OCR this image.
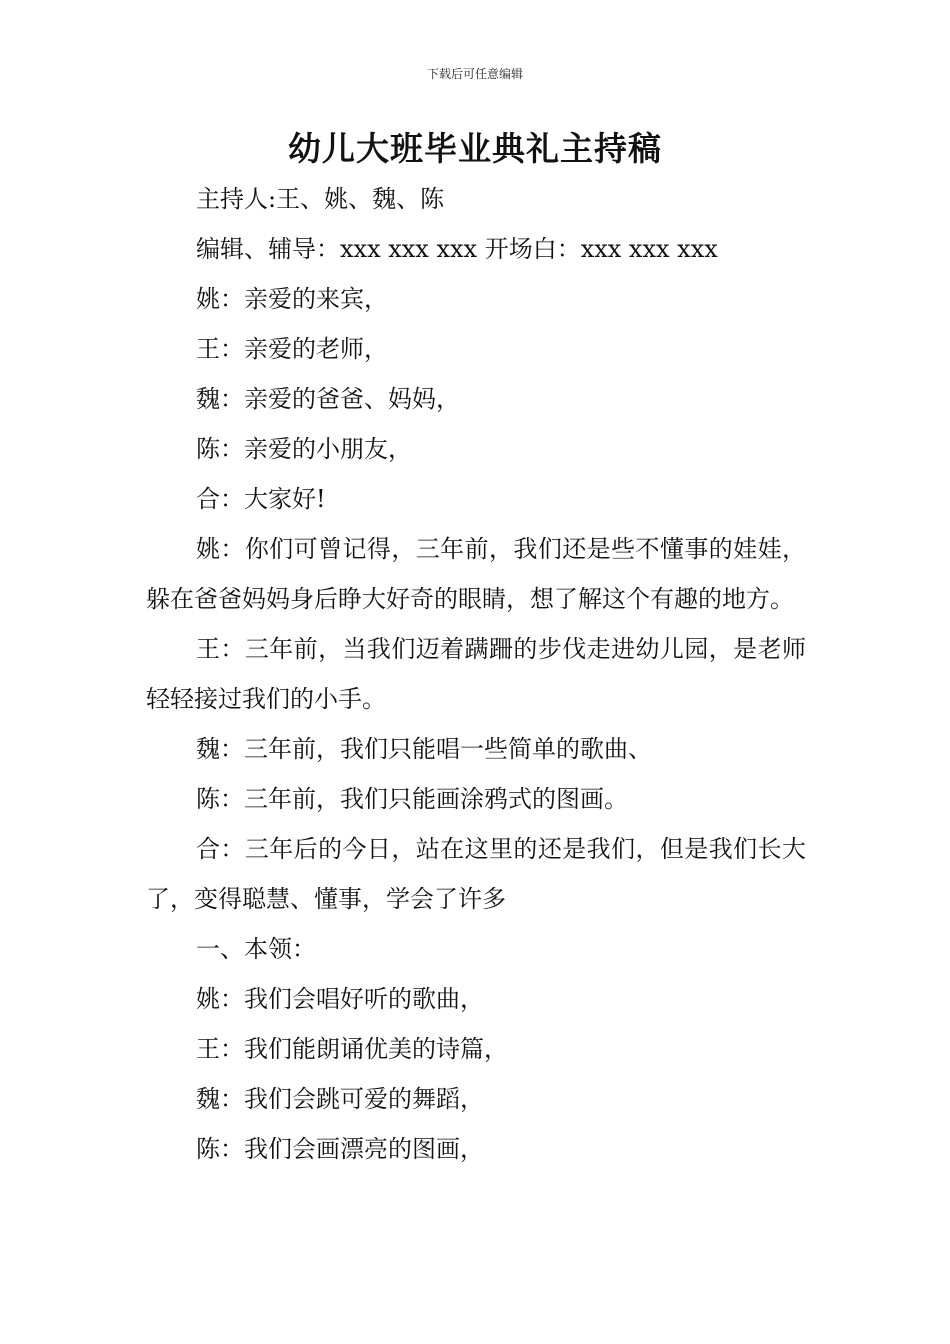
下载后可任意编辑
幼儿大班毕业典礼主持稿

主持人:王、姚、魏、陈

编辑、辅导：xxx xxx xxx 开场白：xxx xxx xxx

姚：亲爱的来宾，

王：亲爱的老师，

魏：亲爱的爸爸、妈妈，

陈：亲爱的小朋友，

合：大家好!

姚：你们可曾记得，三年前，我们还是些不懂事的娃娃，躲在爸爸妈妈身后睁大好奇的眼睛，想了解这个有趣的地方。

王：三年前，当我们迈着蹒跚的步伐走进幼儿园，是老师轻轻接过我们的小手。

魏：三年前，我们只能唱一些简单的歌曲、

陈：三年前，我们只能画涂鸦式的图画。

合：三年后的今日，站在这里的还是我们，但是我们长大了，变得聪慧、懂事，学会了许多

一、本领：

姚：我们会唱好听的歌曲，

王：我们能朗诵优美的诗篇，

魏：我们会跳可爱的舞蹈，

陈：我们会画漂亮的图画，
